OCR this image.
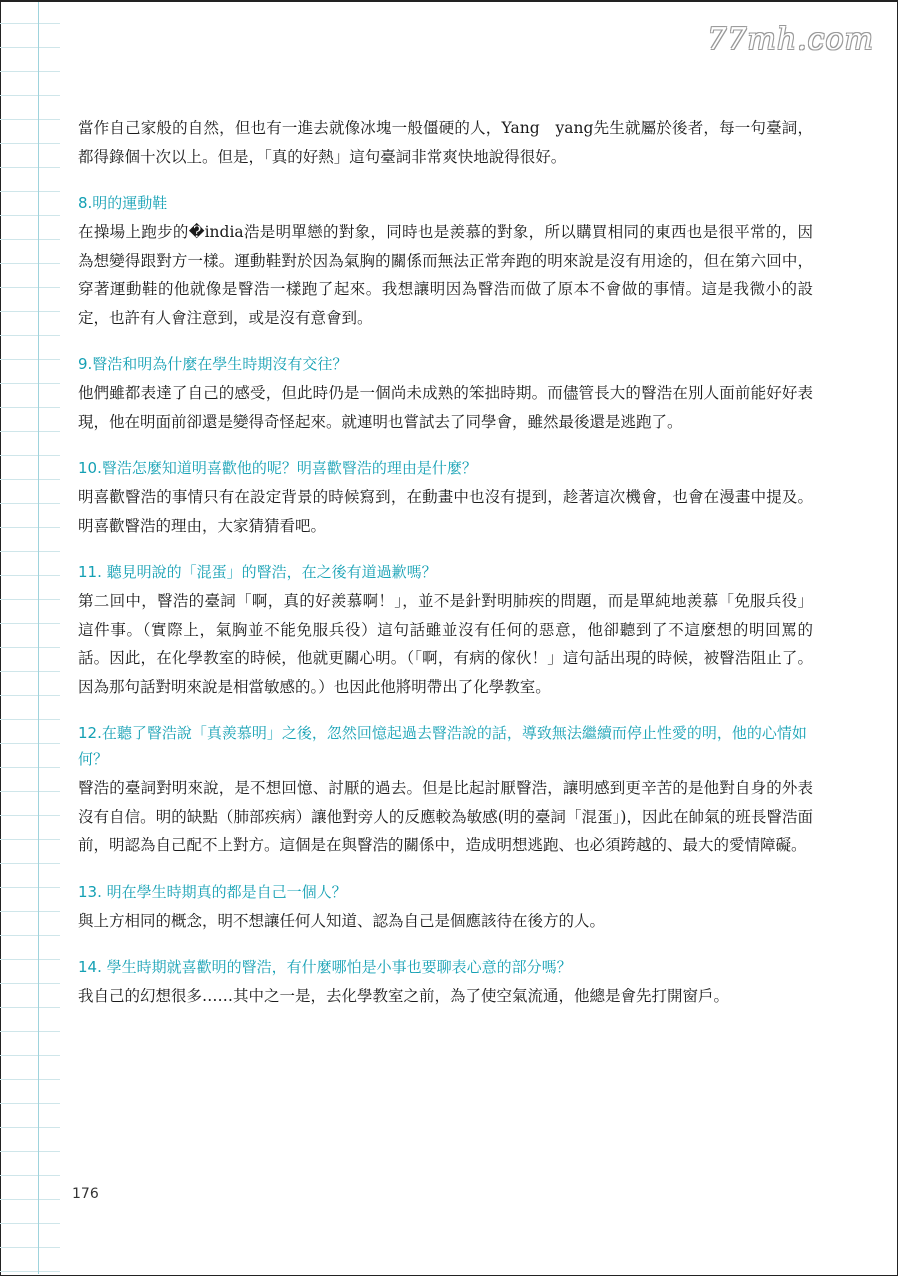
77mh.com

當作自己家般的自然，但也有一進去就像冰塊一般僵硬的人，Yang　yang先生就屬於後者，每一句臺詞，都得錄個十次以上。但是，「真的好熱」這句臺詞非常爽快地說得很好。

8.明的運動鞋

在操場上跑步的�india浩是明單戀的對象，同時也是羨慕的對象，所以購買相同的東西也是很平常的，因為想變得跟對方一樣。運動鞋對於因為氣胸的關係而無法正常奔跑的明來說是沒有用途的，但在第六回中，穿著運動鞋的他就像是瞖浩一樣跑了起來。我想讓明因為瞖浩而做了原本不會做的事情。這是我微小的設定，也許有人會注意到，或是沒有意會到。

9.瞖浩和明為什麼在學生時期沒有交往？

他們雖都表達了自己的感受，但此時仍是一個尚未成熟的笨拙時期。而儘管長大的瞖浩在別人面前能好好表現，他在明面前卻還是變得奇怪起來。就連明也嘗試去了同學會，雖然最後還是逃跑了。

10.瞖浩怎麼知道明喜歡他的呢？明喜歡瞖浩的理由是什麼？

明喜歡瞖浩的事情只有在設定背景的時候寫到，在動畫中也沒有提到，趁著這次機會，也會在漫畫中提及。明喜歡瞖浩的理由，大家猜猜看吧。

11. 聽見明說的「混蛋」的瞖浩，在之後有道過歉嗎？

第二回中，瞖浩的臺詞「啊，真的好羨慕啊！」，並不是針對明肺疾的問題，而是單純地羨慕「免服兵役」這件事。（實際上，氣胸並不能免服兵役）這句話雖並沒有任何的惡意，他卻聽到了不這麼想的明回罵的話。因此，在化學教室的時候，他就更關心明。（「啊，有病的傢伙！」這句話出現的時候，被瞖浩阻止了。因為那句話對明來說是相當敏感的。）也因此他將明帶出了化學教室。

12.在聽了瞖浩說「真羨慕明」之後，忽然回憶起過去瞖浩說的話，導致無法繼續而停止性愛的明，他的心情如何？

瞖浩的臺詞對明來說，是不想回憶、討厭的過去。但是比起討厭瞖浩，讓明感到更辛苦的是他對自身的外表沒有自信。明的缺點（肺部疾病）讓他對旁人的反應較為敏感(明的臺詞「混蛋」)，因此在帥氣的班長瞖浩面前，明認為自己配不上對方。這個是在與瞖浩的關係中，造成明想逃跑、也必須跨越的、最大的愛情障礙。

13. 明在學生時期真的都是自己一個人？

與上方相同的概念，明不想讓任何人知道、認為自己是個應該待在後方的人。

14. 學生時期就喜歡明的瞖浩，有什麼哪怕是小事也要聊表心意的部分嗎？

我自己的幻想很多……其中之一是，去化學教室之前，為了使空氣流通，他總是會先打開窗戶。

176
